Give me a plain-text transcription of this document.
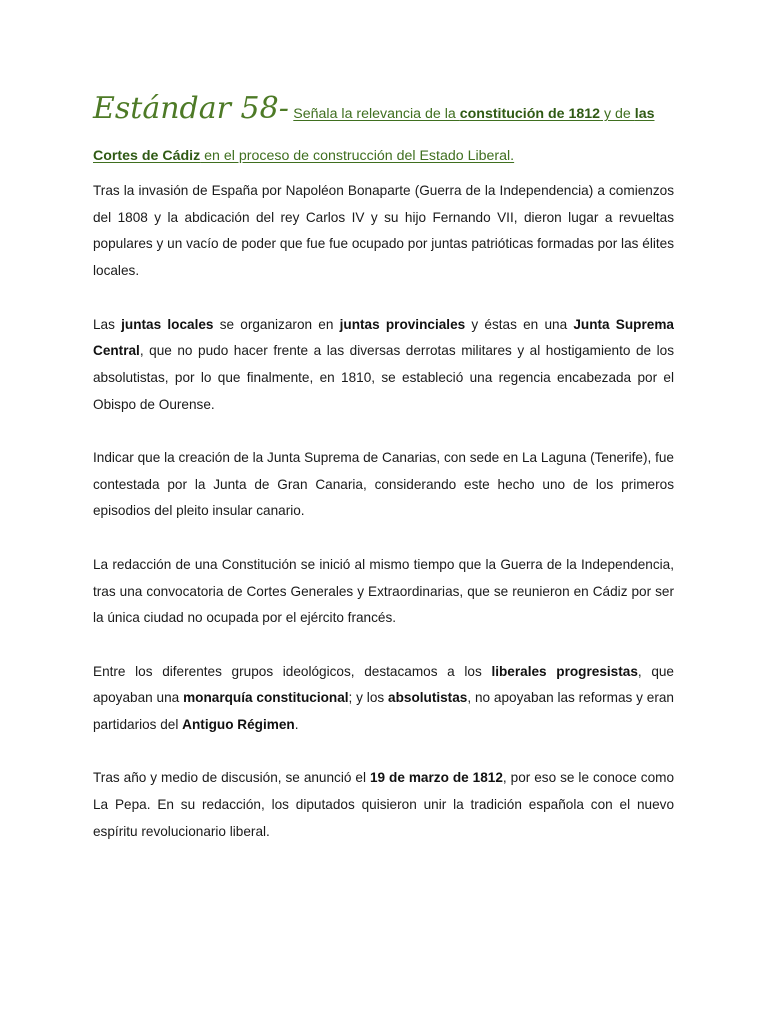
Estándar 58- Señala la relevancia de la constitución de 1812 y de las Cortes de Cádiz en el proceso de construcción del Estado Liberal.

Tras la invasión de España por Napoléon Bonaparte (Guerra de la Independencia) a comienzos del 1808 y la abdicación del rey Carlos IV y su hijo Fernando VII, dieron lugar a revueltas populares y un vacío de poder que fue fue ocupado por juntas patrióticas formadas por las élites locales.

Las juntas locales se organizaron en juntas provinciales y éstas en una Junta Suprema Central, que no pudo hacer frente a las diversas derrotas militares y al hostigamiento de los absolutistas, por lo que finalmente, en 1810, se estableció una regencia encabezada por el Obispo de Ourense.

Indicar que la creación de la Junta Suprema de Canarias, con sede en La Laguna (Tenerife), fue contestada por la Junta de Gran Canaria, considerando este hecho uno de los primeros episodios del pleito insular canario.

La redacción de una Constitución se inició al mismo tiempo que la Guerra de la Independencia, tras una convocatoria de Cortes Generales y Extraordinarias, que se reunieron en Cádiz por ser la única ciudad no ocupada por el ejército francés.

Entre los diferentes grupos ideológicos, destacamos a los liberales progresistas, que apoyaban una monarquía constitucional; y los absolutistas, no apoyaban las reformas y eran partidarios del Antiguo Régimen.

Tras año y medio de discusión, se anunció el 19 de marzo de 1812, por eso se le conoce como La Pepa. En su redacción, los diputados quisieron unir la tradición española con el nuevo espíritu revolucionario liberal.
